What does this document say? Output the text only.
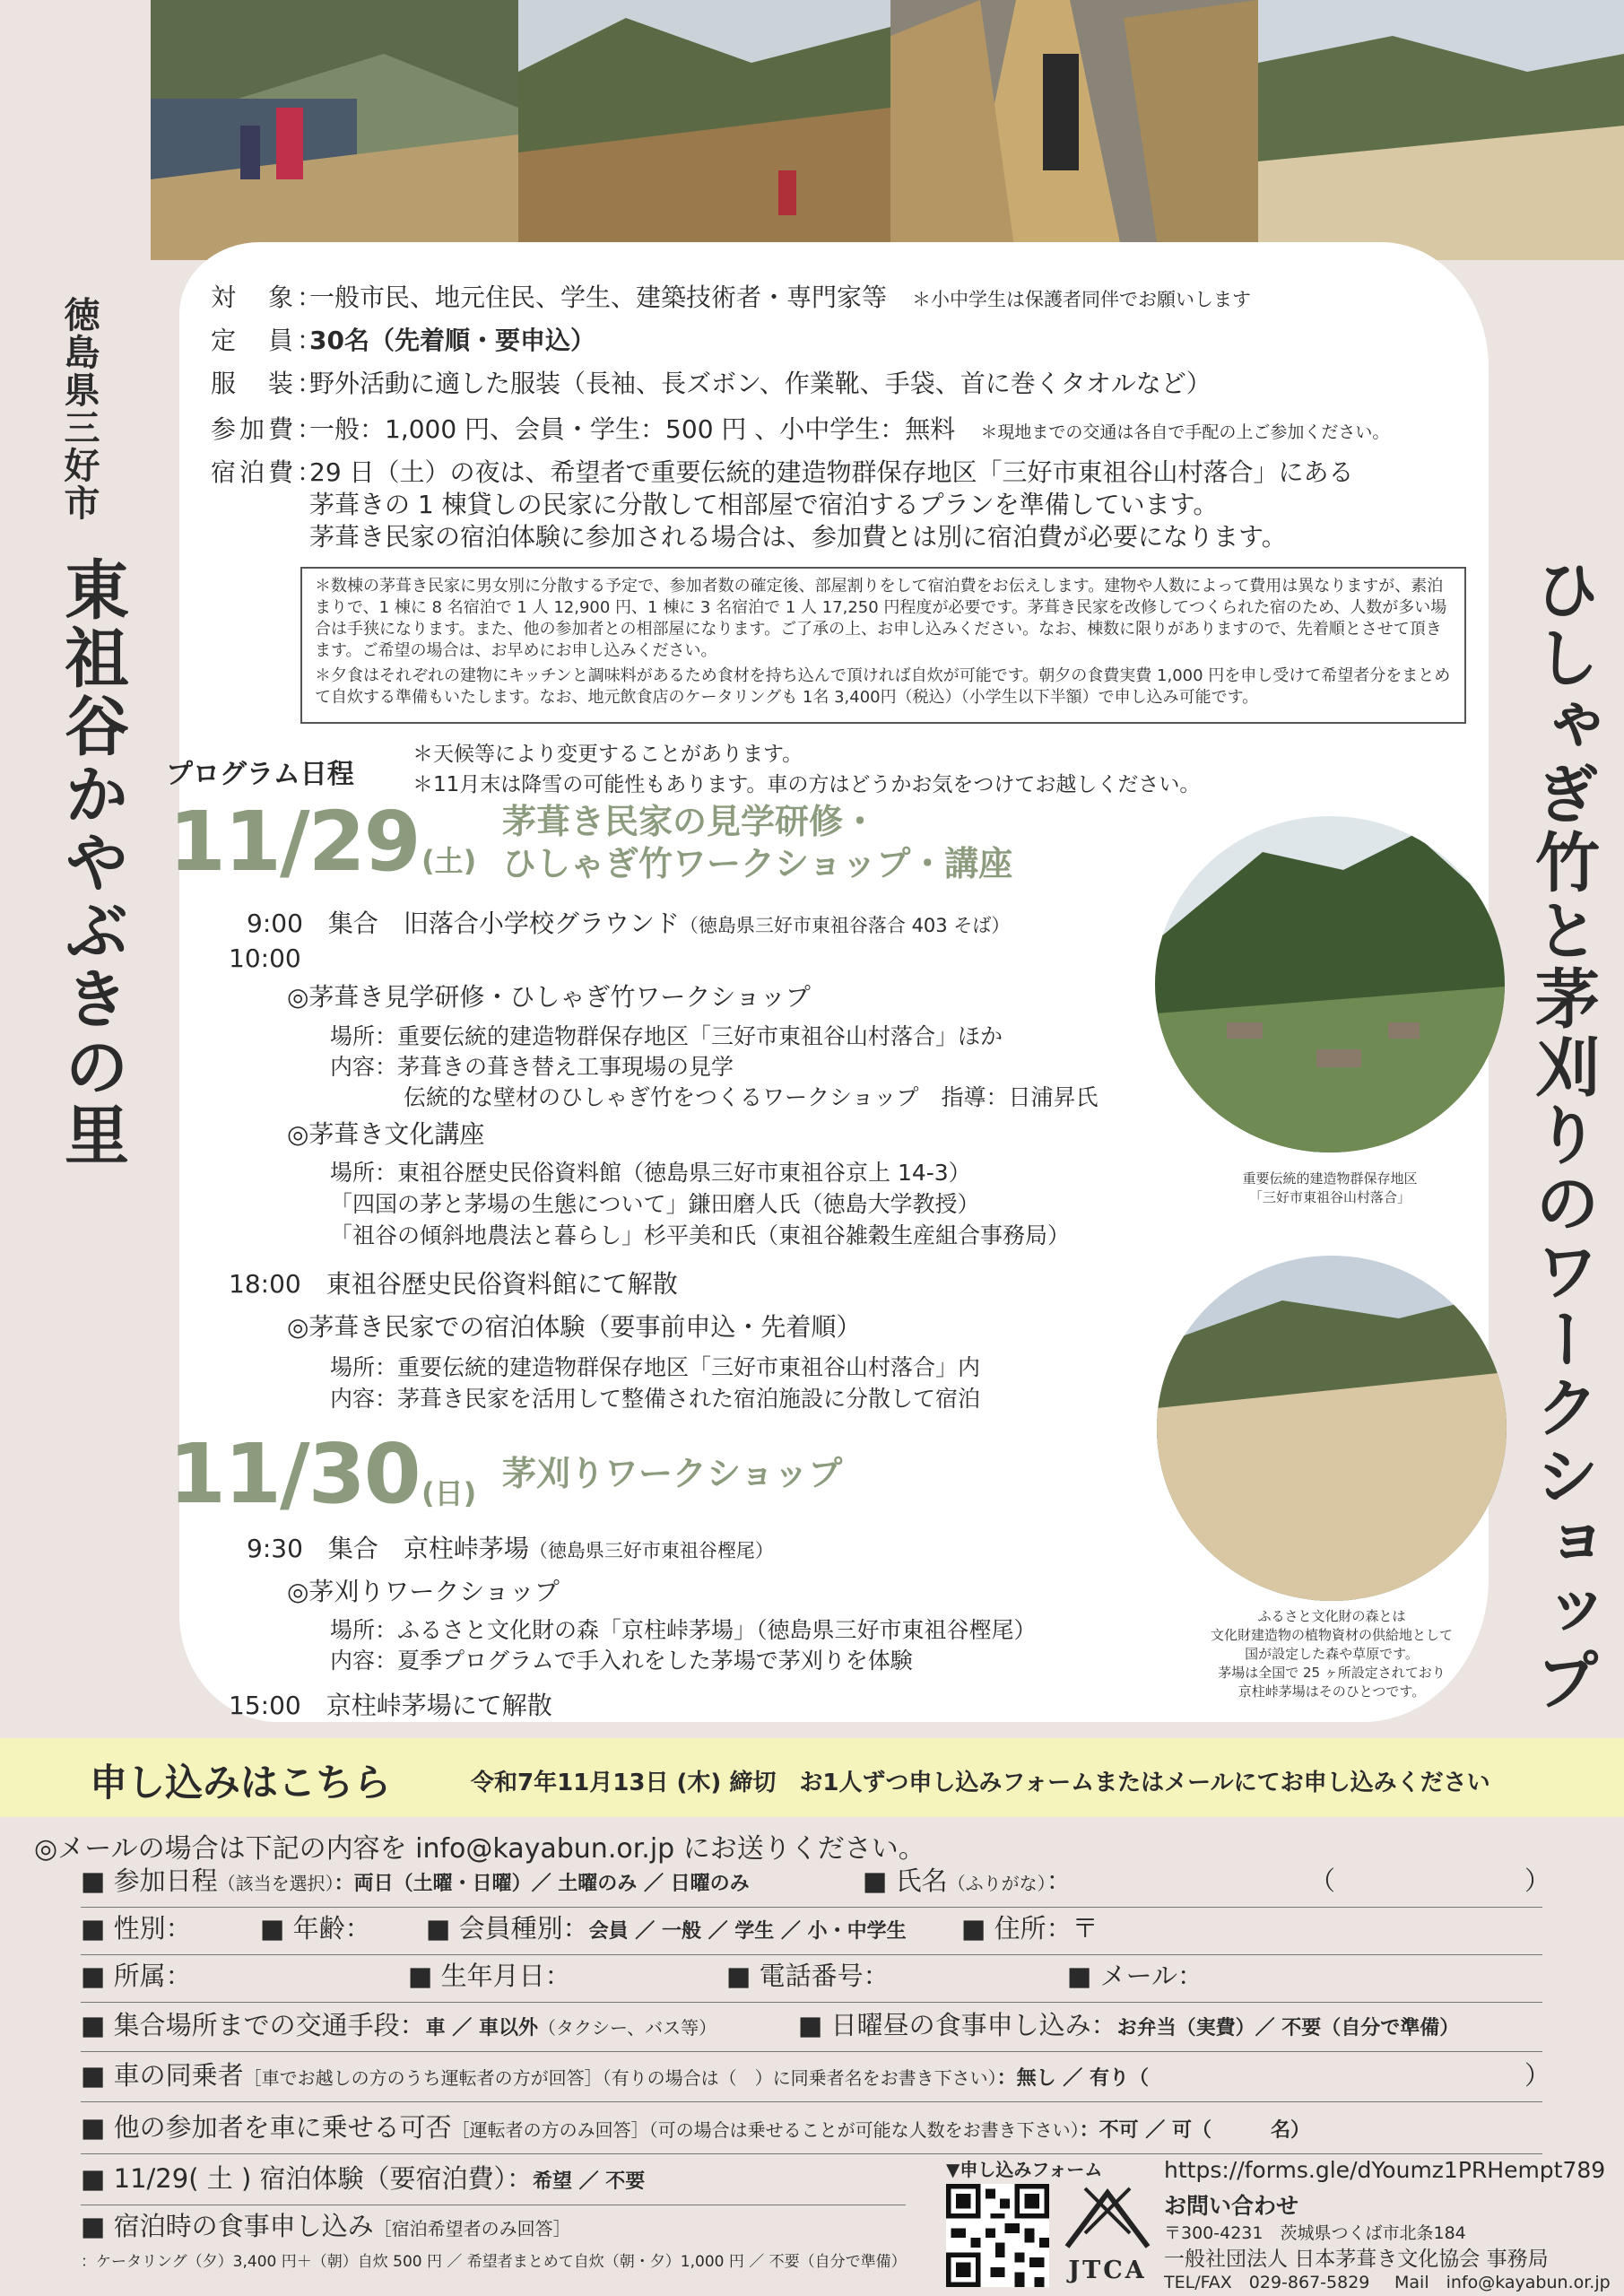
徳島県三好市
東祖谷かやぶきの里	ひしゃぎ竹と茅刈りのワークショップ
対　象：一般市民、地元住民、学生、建築技術者・専門家等　 ＊小中学生は保護者同伴でお願いします
定　員：30名（先着順・要申込）
服　装：野外活動に適した服装（長袖、長ズボン、作業靴、手袋、首に巻くタオルなど）
参加費：一般：1,000 円、会員・学生：500 円 、小中学生：無料　 ＊現地までの交通は各自で手配の上ご参加ください。
宿泊費：29 日（土）の夜は、希望者で重要伝統的建造物群保存地区「三好市東祖谷山村落合」にある
茅葺きの 1 棟貸しの民家に分散して相部屋で宿泊するプランを準備しています。
茅葺き民家の宿泊体験に参加される場合は、参加費とは別に宿泊費が必要になります。

＊数棟の茅葺き民家に男女別に分散する予定で、参加者数の確定後、部屋割りをして宿泊費をお伝えします。建物や人数によって費用は異なりますが、素泊まりで、1 棟に 8 名宿泊で 1 人 12,900 円、1 棟に 3 名宿泊で 1 人 17,250 円程度が必要です。茅葺き民家を改修してつくられた宿のため、人数が多い場合は手狭になります。また、他の参加者との相部屋になります。ご了承の上、お申し込みください。なお、棟数に限りがありますので、先着順とさせて頂きます。ご希望の場合は、お早めにお申し込みください。

＊夕食はそれぞれの建物にキッチンと調味料があるため食材を持ち込んで頂ければ自炊が可能です。朝夕の食費実費 1,000 円を申し受けて希望者分をまとめて自炊する準備もいたします。なお、地元飲食店のケータリングも 1名 3,400円（税込）（小学生以下半額）で申し込み可能です。

プログラム日程
＊天候等により変更することがあります。
＊11月末は降雪の可能性もあります。車の方はどうかお気をつけてお越しください。
11/29 (土)
茅葺き民家の見学研修・
ひしゃぎ竹ワークショップ・講座
9:00　集合　旧落合小学校グラウンド（徳島県三好市東祖谷落合 403 そば）
10:00
◎茅葺き見学研修・ひしゃぎ竹ワークショップ
場所：重要伝統的建造物群保存地区「三好市東祖谷山村落合」ほか
内容：茅葺きの葺き替え工事現場の見学
伝統的な壁材のひしゃぎ竹をつくるワークショップ　指導：日浦昇氏
◎茅葺き文化講座
場所：東祖谷歴史民俗資料館（徳島県三好市東祖谷京上 14-3）
「四国の茅と茅場の生態について」鎌田磨人氏（徳島大学教授）
「祖谷の傾斜地農法と暮らし」杉平美和氏（東祖谷雑穀生産組合事務局）
18:00　東祖谷歴史民俗資料館にて解散
◎茅葺き民家での宿泊体験（要事前申込・先着順）
場所：重要伝統的建造物群保存地区「三好市東祖谷山村落合」内
内容：茅葺き民家を活用して整備された宿泊施設に分散して宿泊
11/30 (日) 茅刈りワークショップ
9:30　集合　京柱峠茅場（徳島県三好市東祖谷樫尾）
◎茅刈りワークショップ
場所：ふるさと文化財の森「京柱峠茅場」（徳島県三好市東祖谷樫尾）
内容：夏季プログラムで手入れをした茅場で茅刈りを体験
15:00　京柱峠茅場にて解散
重要伝統的建造物群保存地区
「三好市東祖谷山村落合」
ふるさと文化財の森とは
文化財建造物の植物資材の供給地として
国が設定した森や草原です。
茅場は全国で 25 ヶ所設定されており
京柱峠茅場はそのひとつです。
申し込みはこちら	令和7年11月13日 (木) 締切　お1人ずつ申し込みフォームまたはメールにてお申し込みください
◎メールの場合は下記の内容を info@kayabun.or.jp にお送りください。
■ 参加日程（該当を選択）：両日（土曜・日曜）／ 土曜のみ ／ 日曜のみ	■ 氏名（ふりがな）：	（	）
■ 性別：	■ 年齢： ■ 会員種別：会員 ／ 一般 ／ 学生 ／ 小・中学生 ■ 住所：〒
■ 所属：	■ 生年月日：	■ 電話番号：	■ メール：
■ 集合場所までの交通手段：車 ／ 車以外（タクシー、バス等）	■ 日曜昼の食事申し込み：お弁当（実費）／ 不要（自分で準備）
■ 車の同乗者［車でお越しの方のうち運転者の方が回答］（有りの場合は（　）に同乗者名をお書き下さい）：無し ／ 有り（	）
■ 他の参加者を車に乗せる可否［運転者の方のみ回答］（可の場合は乗せることが可能な人数をお書き下さい）：不可 ／ 可（　　　名）
■ 11/29( 土 ) 宿泊体験（要宿泊費）：希望 ／ 不要
■ 宿泊時の食事申し込み［宿泊希望者のみ回答］
：ケータリング（夕）3,400 円＋（朝）自炊 500 円 ／ 希望者まとめて自炊（朝・夕）1,000 円 ／ 不要（自分で準備）
▼申し込みフォーム
JTCA
https://forms.gle/dYoumz1PRHempt789
お問い合わせ
〒300-4231　茨城県つくば市北条184
一般社団法人 日本茅葺き文化協会 事務局
TEL/FAX　029-867-5829 Mail　info@kayabun.or.jp
